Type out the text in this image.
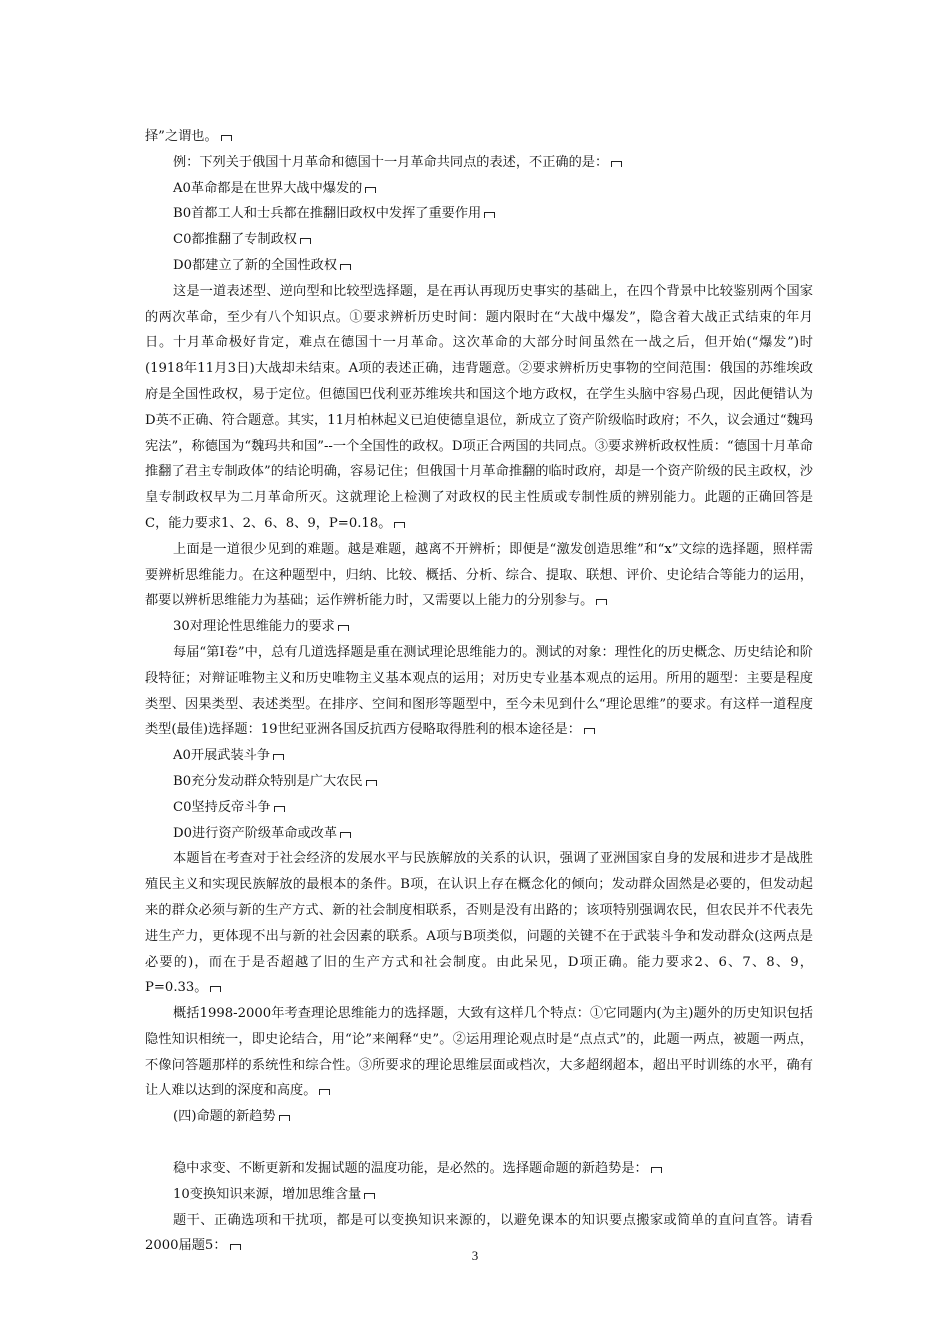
择”之谓也。

例：下列关于俄国十月革命和德国十一月革命共同点的表述，不正确的是：

A0革命都是在世界大战中爆发的

B0首都工人和士兵都在推翻旧政权中发挥了重要作用

C0都推翻了专制政权

D0都建立了新的全国性政权

这是一道表述型、逆向型和比较型选择题，是在再认再现历史事实的基础上，在四个背景中比较鉴别两个国家的两次革命，至少有八个知识点。①要求辨析历史时间：题内限时在“大战中爆发”，隐含着大战正式结束的年月日。十月革命极好肯定，难点在德国十一月革命。这次革命的大部分时间虽然在一战之后，但开始(“爆发”)时(1918年11月3日)大战却未结束。A项的表述正确，违背题意。②要求辨析历史事物的空间范围：俄国的苏维埃政府是全国性政权，易于定位。但德国巴伐利亚苏维埃共和国这个地方政权，在学生头脑中容易凸现，因此便错认为D英不正确、符合题意。其实，11月柏林起义已迫使德皇退位，新成立了资产阶级临时政府；不久，议会通过“魏玛宪法”，称德国为“魏玛共和国”--一个全国性的政权。D项正合两国的共同点。③要求辨析政权性质：“德国十月革命推翻了君主专制政体”的结论明确，容易记住；但俄国十月革命推翻的临时政府，却是一个资产阶级的民主政权，沙皇专制政权早为二月革命所灭。这就理论上检测了对政权的民主性质或专制性质的辨别能力。此题的正确回答是C，能力要求1、2、6、8、9，P=0.18。

上面是一道很少见到的难题。越是难题，越离不开辨析；即便是“激发创造思维”和“x”文综的选择题，照样需要辨析思维能力。在这种题型中，归纳、比较、概括、分析、综合、提取、联想、评价、史论结合等能力的运用，都要以辨析思维能力为基础；运作辨析能力时，又需要以上能力的分别参与。

30对理论性思维能力的要求

每届“第Ⅰ卷”中，总有几道选择题是重在测试理论思维能力的。测试的对象：理性化的历史概念、历史结论和阶段特征；对辩证唯物主义和历史唯物主义基本观点的运用；对历史专业基本观点的运用。所用的题型：主要是程度类型、因果类型、表述类型。在排序、空间和图形等题型中，至今未见到什么“理论思维”的要求。有这样一道程度类型(最佳)选择题：19世纪亚洲各国反抗西方侵略取得胜利的根本途径是：

A0开展武装斗争

B0充分发动群众特别是广大农民

C0坚持反帝斗争

D0进行资产阶级革命或改革

本题旨在考查对于社会经济的发展水平与民族解放的关系的认识，强调了亚洲国家自身的发展和进步才是战胜殖民主义和实现民族解放的最根本的条件。B项，在认识上存在概念化的倾向；发动群众固然是必要的，但发动起来的群众必须与新的生产方式、新的社会制度相联系，否则是没有出路的；该项特别强调农民，但农民并不代表先进生产力，更体现不出与新的社会因素的联系。A项与B项类似，问题的关键不在于武装斗争和发动群众(这两点是必要的)，而在于是否超越了旧的生产方式和社会制度。由此呆见，D项正确。能力要求2、6、7、8、9，P=0.33。

概括1998-2000年考查理论思维能力的选择题，大致有这样几个特点：①它同题内(为主)题外的历史知识包括隐性知识相统一，即史论结合，用“论”来阐释“史”。②运用理论观点时是“点点式”的，此题一两点，被题一两点，不像问答题那样的系统性和综合性。③所要求的理论思维层面或档次，大多超纲超本，超出平时训练的水平，确有让人难以达到的深度和高度。

(四)命题的新趋势

稳中求变、不断更新和发掘试题的温度功能，是必然的。选择题命题的新趋势是：

10变换知识来源，增加思维含量

题干、正确选项和干扰项，都是可以变换知识来源的，以避免课本的知识要点搬家或简单的直问直答。请看2000届题5：

3
